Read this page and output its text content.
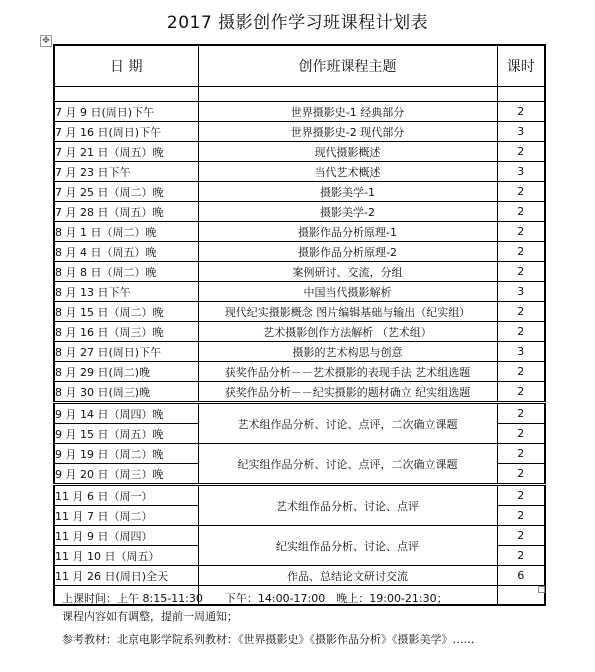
2017 摄影创作学习班课程计划表
✥
日 期	创作班课程主题	课时

7 月 9 日(周日)下午	世界摄影史-1 经典部分	2
7 月 16 日(周日)下午	世界摄影史-2 现代部分	3
7 月 21 日（周五）晚	现代摄影概述	2
7 月 23 日下午	当代艺术概述	3
7 月 25 日（周二）晚	摄影美学-1	2
7 月 28 日（周五）晚	摄影美学-2	2
8 月 1 日（周二）晚	摄影作品分析原理-1	2
8 月 4 日（周五）晚	摄影作品分析原理-2	2
8 月 8 日（周二）晚	案例研讨、交流，分组	2
8 月 13 日下午	中国当代摄影解析	3
8 月 15 日（周二）晚	现代纪实摄影概念 图片编辑基础与输出（纪实组）	2
8 月 16 日（周三）晚	艺术摄影创作方法解析 （艺术组）	2
8 月 27 日(周日)下午	摄影的艺术构思与创意	3
8 月 29 日(周二)晚	获奖作品分析－－艺术摄影的表现手法 艺术组选题	2
8 月 30 日(周三)晚	获奖作品分析－－纪实摄影的题材确立 纪实组选题	2
9 月 14 日（周四）晚	艺术组作品分析、讨论、点评，二次确立课题	2
9 月 15 日（周五）晚		2
9 月 19 日（周二）晚	纪实组作品分析、讨论、点评，二次确立课题	2
9 月 20 日（周三）晚		2
11 月 6 日（周一）	艺术组作品分析、讨论、点评	2
11 月 7 日（周二）		2
11 月 9 日（周四）	纪实组作品分析、讨论、点评	2
11 月 10 日（周五）		2
11 月 26 日(周日)全天	作品、总结论文研讨交流	6

上课时间：上午 8:15-11:30　　下午：14:00-17:00　晚上：19:00-21:30；
课程内容如有调整，提前一周通知；
参考教材：北京电影学院系列教材：《世界摄影史》《摄影作品分析》《摄影美学》……
